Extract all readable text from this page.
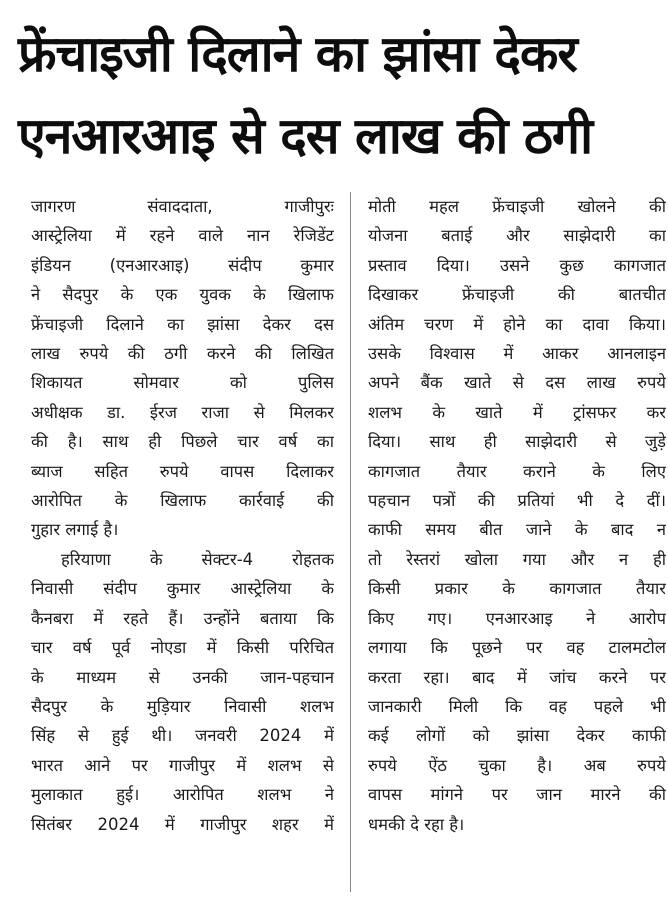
फ्रेंचाइजी दिलाने का झांसा देकर
एनआरआइ से दस लाख की ठगी
जागरण संवाददाता, गाजीपुरः
आस्ट्रेलिया में रहने वाले नान रेजिडेंट
इंडियन (एनआरआइ) संदीप कुमार
ने सैदपुर के एक युवक के खिलाफ
फ्रेंचाइजी दिलाने का झांसा देकर दस
लाख रुपये की ठगी करने की लिखित
शिकायत सोमवार को पुलिस
अधीक्षक डा. ईरज राजा से मिलकर
की है। साथ ही पिछले चार वर्ष का
ब्याज सहित रुपये वापस दिलाकर
आरोपित के खिलाफ कार्रवाई की
गुहार लगाई है।
हरियाणा के सेक्टर-4 रोहतक
निवासी संदीप कुमार आस्ट्रेलिया के
कैनबरा में रहते हैं। उन्होंने बताया कि
चार वर्ष पूर्व नोएडा में किसी परिचित
के माध्यम से उनकी जान-पहचान
सैदपुर के मुड़ियार निवासी शलभ
सिंह से हुई थी। जनवरी 2024 में
भारत आने पर गाजीपुर में शलभ से
मुलाकात हुई। आरोपित शलभ ने
सितंबर 2024 में गाजीपुर शहर में
मोती महल फ्रेंचाइजी खोलने की
योजना बताई और साझेदारी का
प्रस्ताव दिया। उसने कुछ कागजात
दिखाकर फ्रेंचाइजी की बातचीत
अंतिम चरण में होने का दावा किया।
उसके विश्वास में आकर आनलाइन
अपने बैंक खाते से दस लाख रुपये
शलभ के खाते में ट्रांसफर कर
दिया। साथ ही साझेदारी से जुड़े
कागजात तैयार कराने के लिए
पहचान पत्रों की प्रतियां भी दे दीं।
काफी समय बीत जाने के बाद न
तो रेस्तरां खोला गया और न ही
किसी प्रकार के कागजात तैयार
किए गए। एनआरआइ ने आरोप
लगाया कि पूछने पर वह टालमटोल
करता रहा। बाद में जांच करने पर
जानकारी मिली कि वह पहले भी
कई लोगों को झांसा देकर काफी
रुपये ऐंठ चुका है। अब रुपये
वापस मांगने पर जान मारने की
धमकी दे रहा है।
